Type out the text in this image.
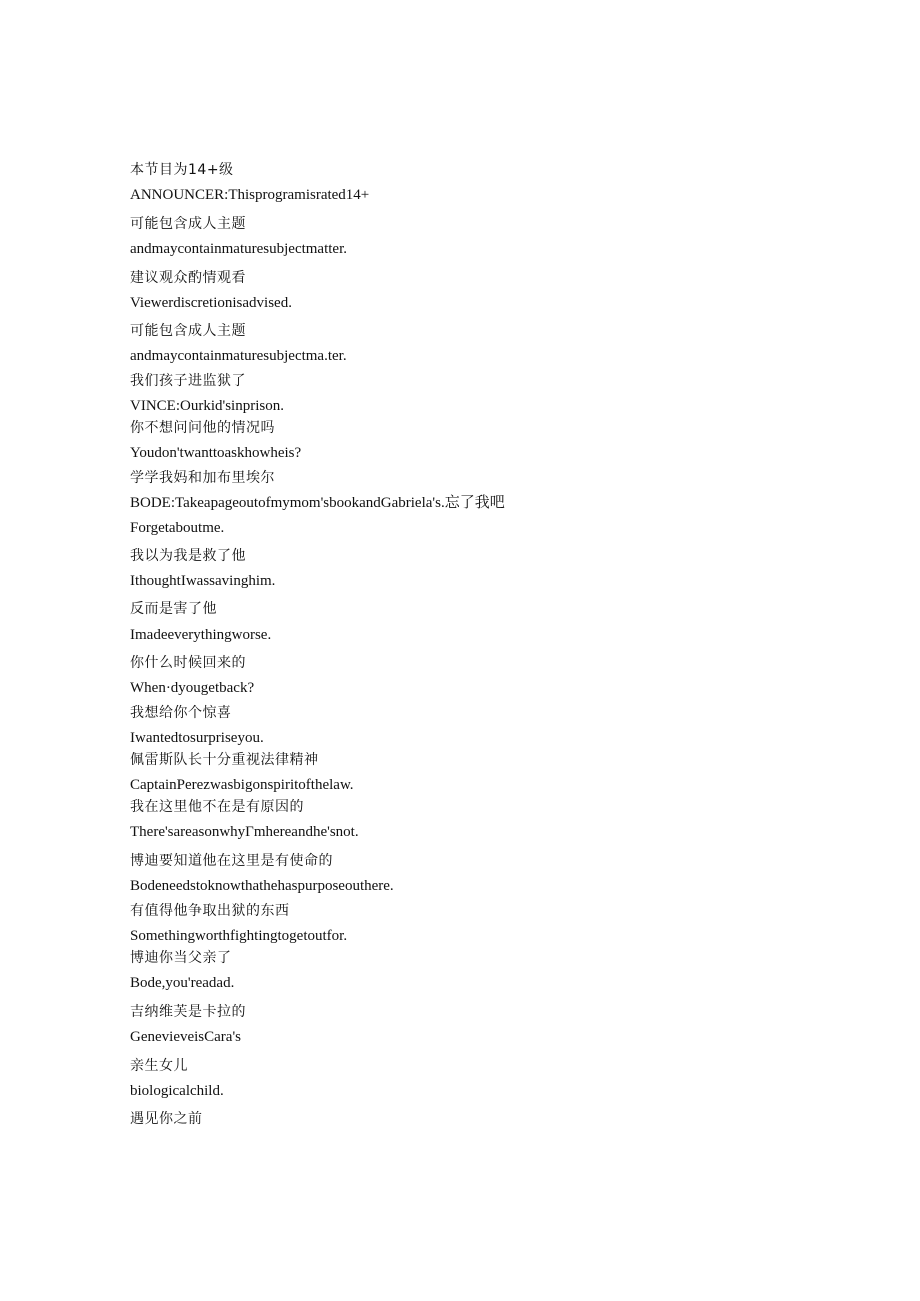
本节目为14+级
ANNOUNCER:Thisprogramisrated14+
可能包含成人主题
andmaycontainmaturesubjectmatter.
建议观众酌情观看
Viewerdiscretionisadvised.
可能包含成人主题
andmaycontainmaturesubjectma.ter.
我们孩子进监狱了
VINCE:Ourkid'sinprison.
你不想问问他的情况吗
Youdon'twanttoaskhowheis?
学学我妈和加布里埃尔
BODE:Takeapageoutofmymom'sbookandGabriela's.忘了我吧
Forgetaboutme.
我以为我是救了他
IthoughtIwassavinghim.
反而是害了他
Imadeeverythingworse.
你什么时候回来的
When·dyougetback?
我想给你个惊喜
Iwantedtosurpriseyou.
佩雷斯队长十分重视法律精神
CaptainPerezwasbigonspiritofthelaw.
我在这里他不在是有原因的
There'sareasonwhyΓmhereandhe'snot.
博迪要知道他在这里是有使命的
Bodeneedstoknowthathehaspurposeouthere.
有值得他争取出狱的东西
Somethingworthfightingtogetoutfor.
博迪你当父亲了
Bode,you'readad.
吉纳维芙是卡拉的
GenevieveisCara's
亲生女儿
biologicalchild.
遇见你之前
